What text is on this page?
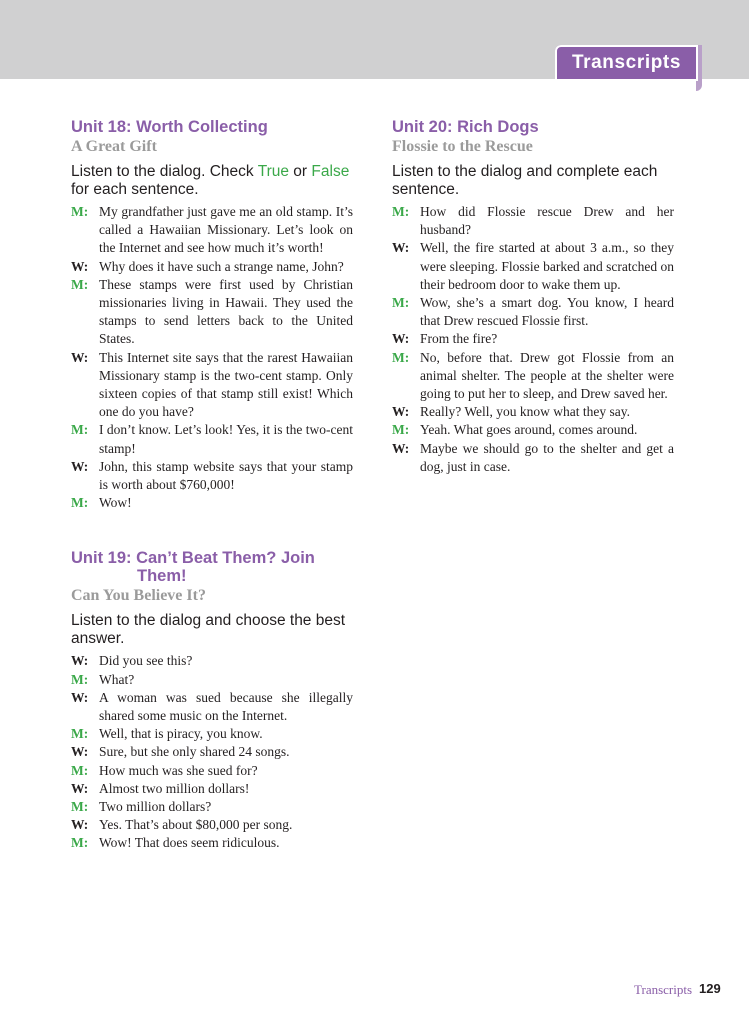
Transcripts
Unit 18: Worth Collecting
A Great Gift

Listen to the dialog. Check True or False for each sentence.

M: My grandfather just gave me an old stamp. It’s called a Hawaiian Missionary. Let’s look on the Internet and see how much it’s worth!
W: Why does it have such a strange name, John?
M: These stamps were first used by Christian missionaries living in Hawaii. They used the stamps to send letters back to the United States.
W: This Internet site says that the rarest Hawaiian Missionary stamp is the two-cent stamp. Only sixteen copies of that stamp still exist! Which one do you have?
M: I don’t know. Let’s look! Yes, it is the two-cent stamp!
W: John, this stamp website says that your stamp is worth about $760,000!
M: Wow!
Unit 19: Can’t Beat Them? Join
Them!
Can You Believe It?

Listen to the dialog and choose the best answer.

W: Did you see this?
M: What?
W: A woman was sued because she illegally shared some music on the Internet.
M: Well, that is piracy, you know.
W: Sure, but she only shared 24 songs.
M: How much was she sued for?
W: Almost two million dollars!
M: Two million dollars?
W: Yes. That’s about $80,000 per song.
M: Wow! That does seem ridiculous.
Unit 20: Rich Dogs
Flossie to the Rescue

Listen to the dialog and complete each sentence.

M: How did Flossie rescue Drew and her husband?
W: Well, the fire started at about 3 a.m., so they were sleeping. Flossie barked and scratched on their bedroom door to wake them up.
M: Wow, she’s a smart dog. You know, I heard that Drew rescued Flossie first.
W: From the fire?
M: No, before that. Drew got Flossie from an animal shelter. The people at the shelter were going to put her to sleep, and Drew saved her.
W: Really? Well, you know what they say.
M: Yeah. What goes around, comes around.
W: Maybe we should go to the shelter and get a dog, just in case.
Transcripts 129
